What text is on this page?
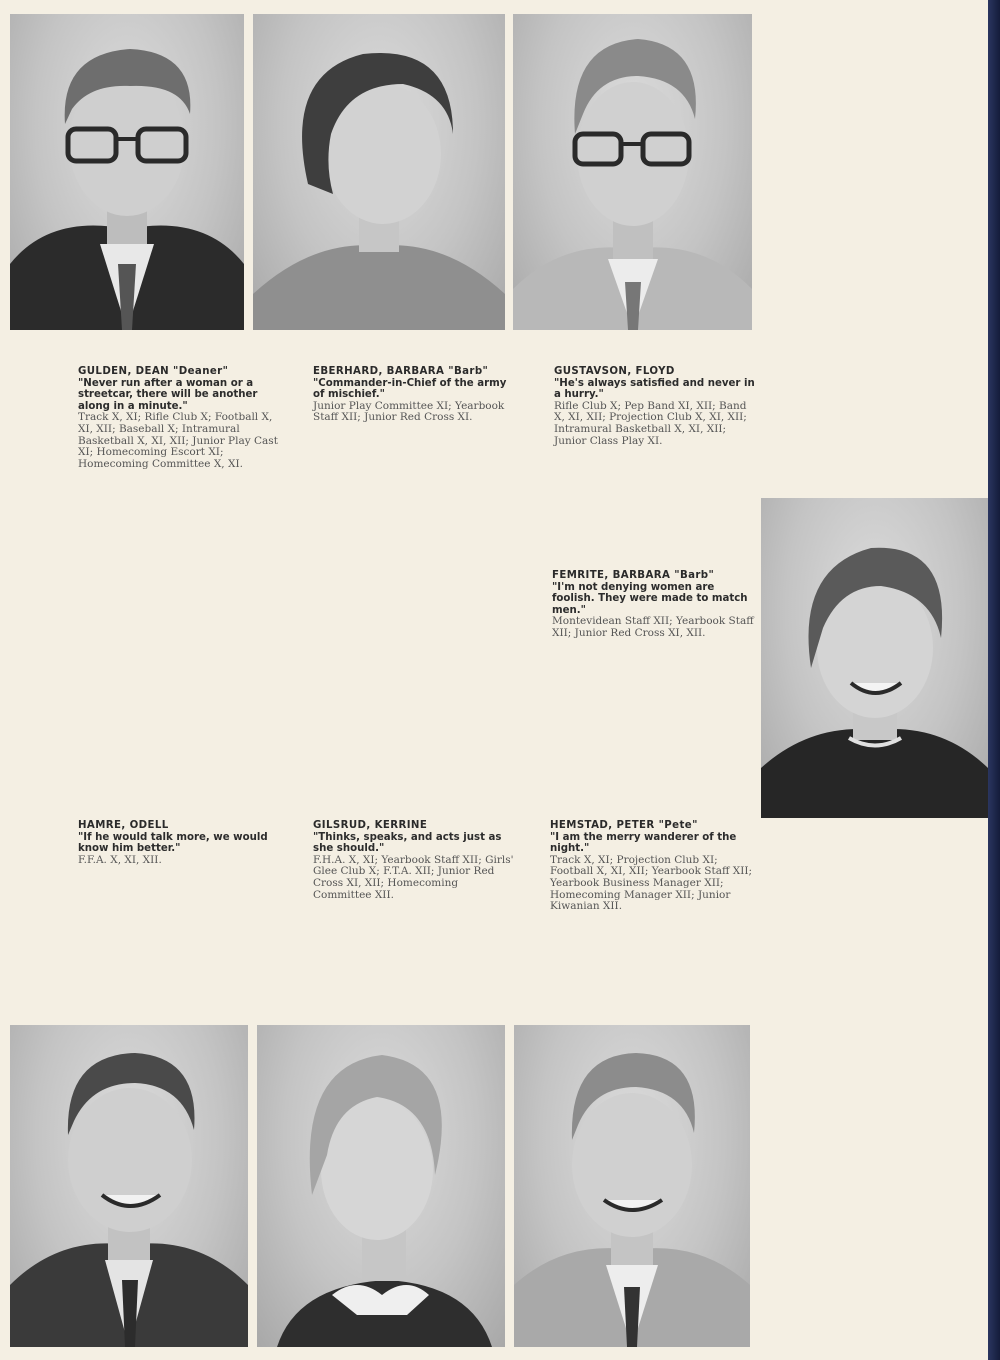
GULDEN, DEAN "Deaner"
"Never run after a woman or a streetcar, there will be another along in a minute."
Track X, XI; Rifle Club X; Football X, XI, XII; Baseball X; Intramural Basketball X, XI, XII; Junior Play Cast XI; Homecoming Escort XI; Homecoming Committee X, XI.
EBERHARD, BARBARA "Barb"
"Commander-in-Chief of the army of mischief."
Junior Play Committee XI; Yearbook Staff XII; Junior Red Cross XI.
GUSTAVSON, FLOYD
"He's always satisfied and never in a hurry."
Rifle Club X; Pep Band XI, XII; Band X, XI, XII; Projection Club X, XI, XII; Intramural Basketball X, XI, XII; Junior Class Play XI.
FEMRITE, BARBARA "Barb"
"I'm not denying women are foolish. They were made to match men."
Montevidean Staff XII; Yearbook Staff XII; Junior Red Cross XI, XII.
HAMRE, ODELL
"If he would talk more, we would know him better."
F.F.A. X, XI, XII.
GILSRUD, KERRINE
"Thinks, speaks, and acts just as she should."
F.H.A. X, XI; Yearbook Staff XII; Girls' Glee Club X; F.T.A. XII; Junior Red Cross XI, XII; Homecoming Committee XII.
HEMSTAD, PETER "Pete"
"I am the merry wanderer of the night."
Track X, XI; Projection Club XI; Football X, XI, XII; Yearbook Staff XII; Yearbook Business Manager XII; Homecoming Manager XII; Junior Kiwanian XII.
